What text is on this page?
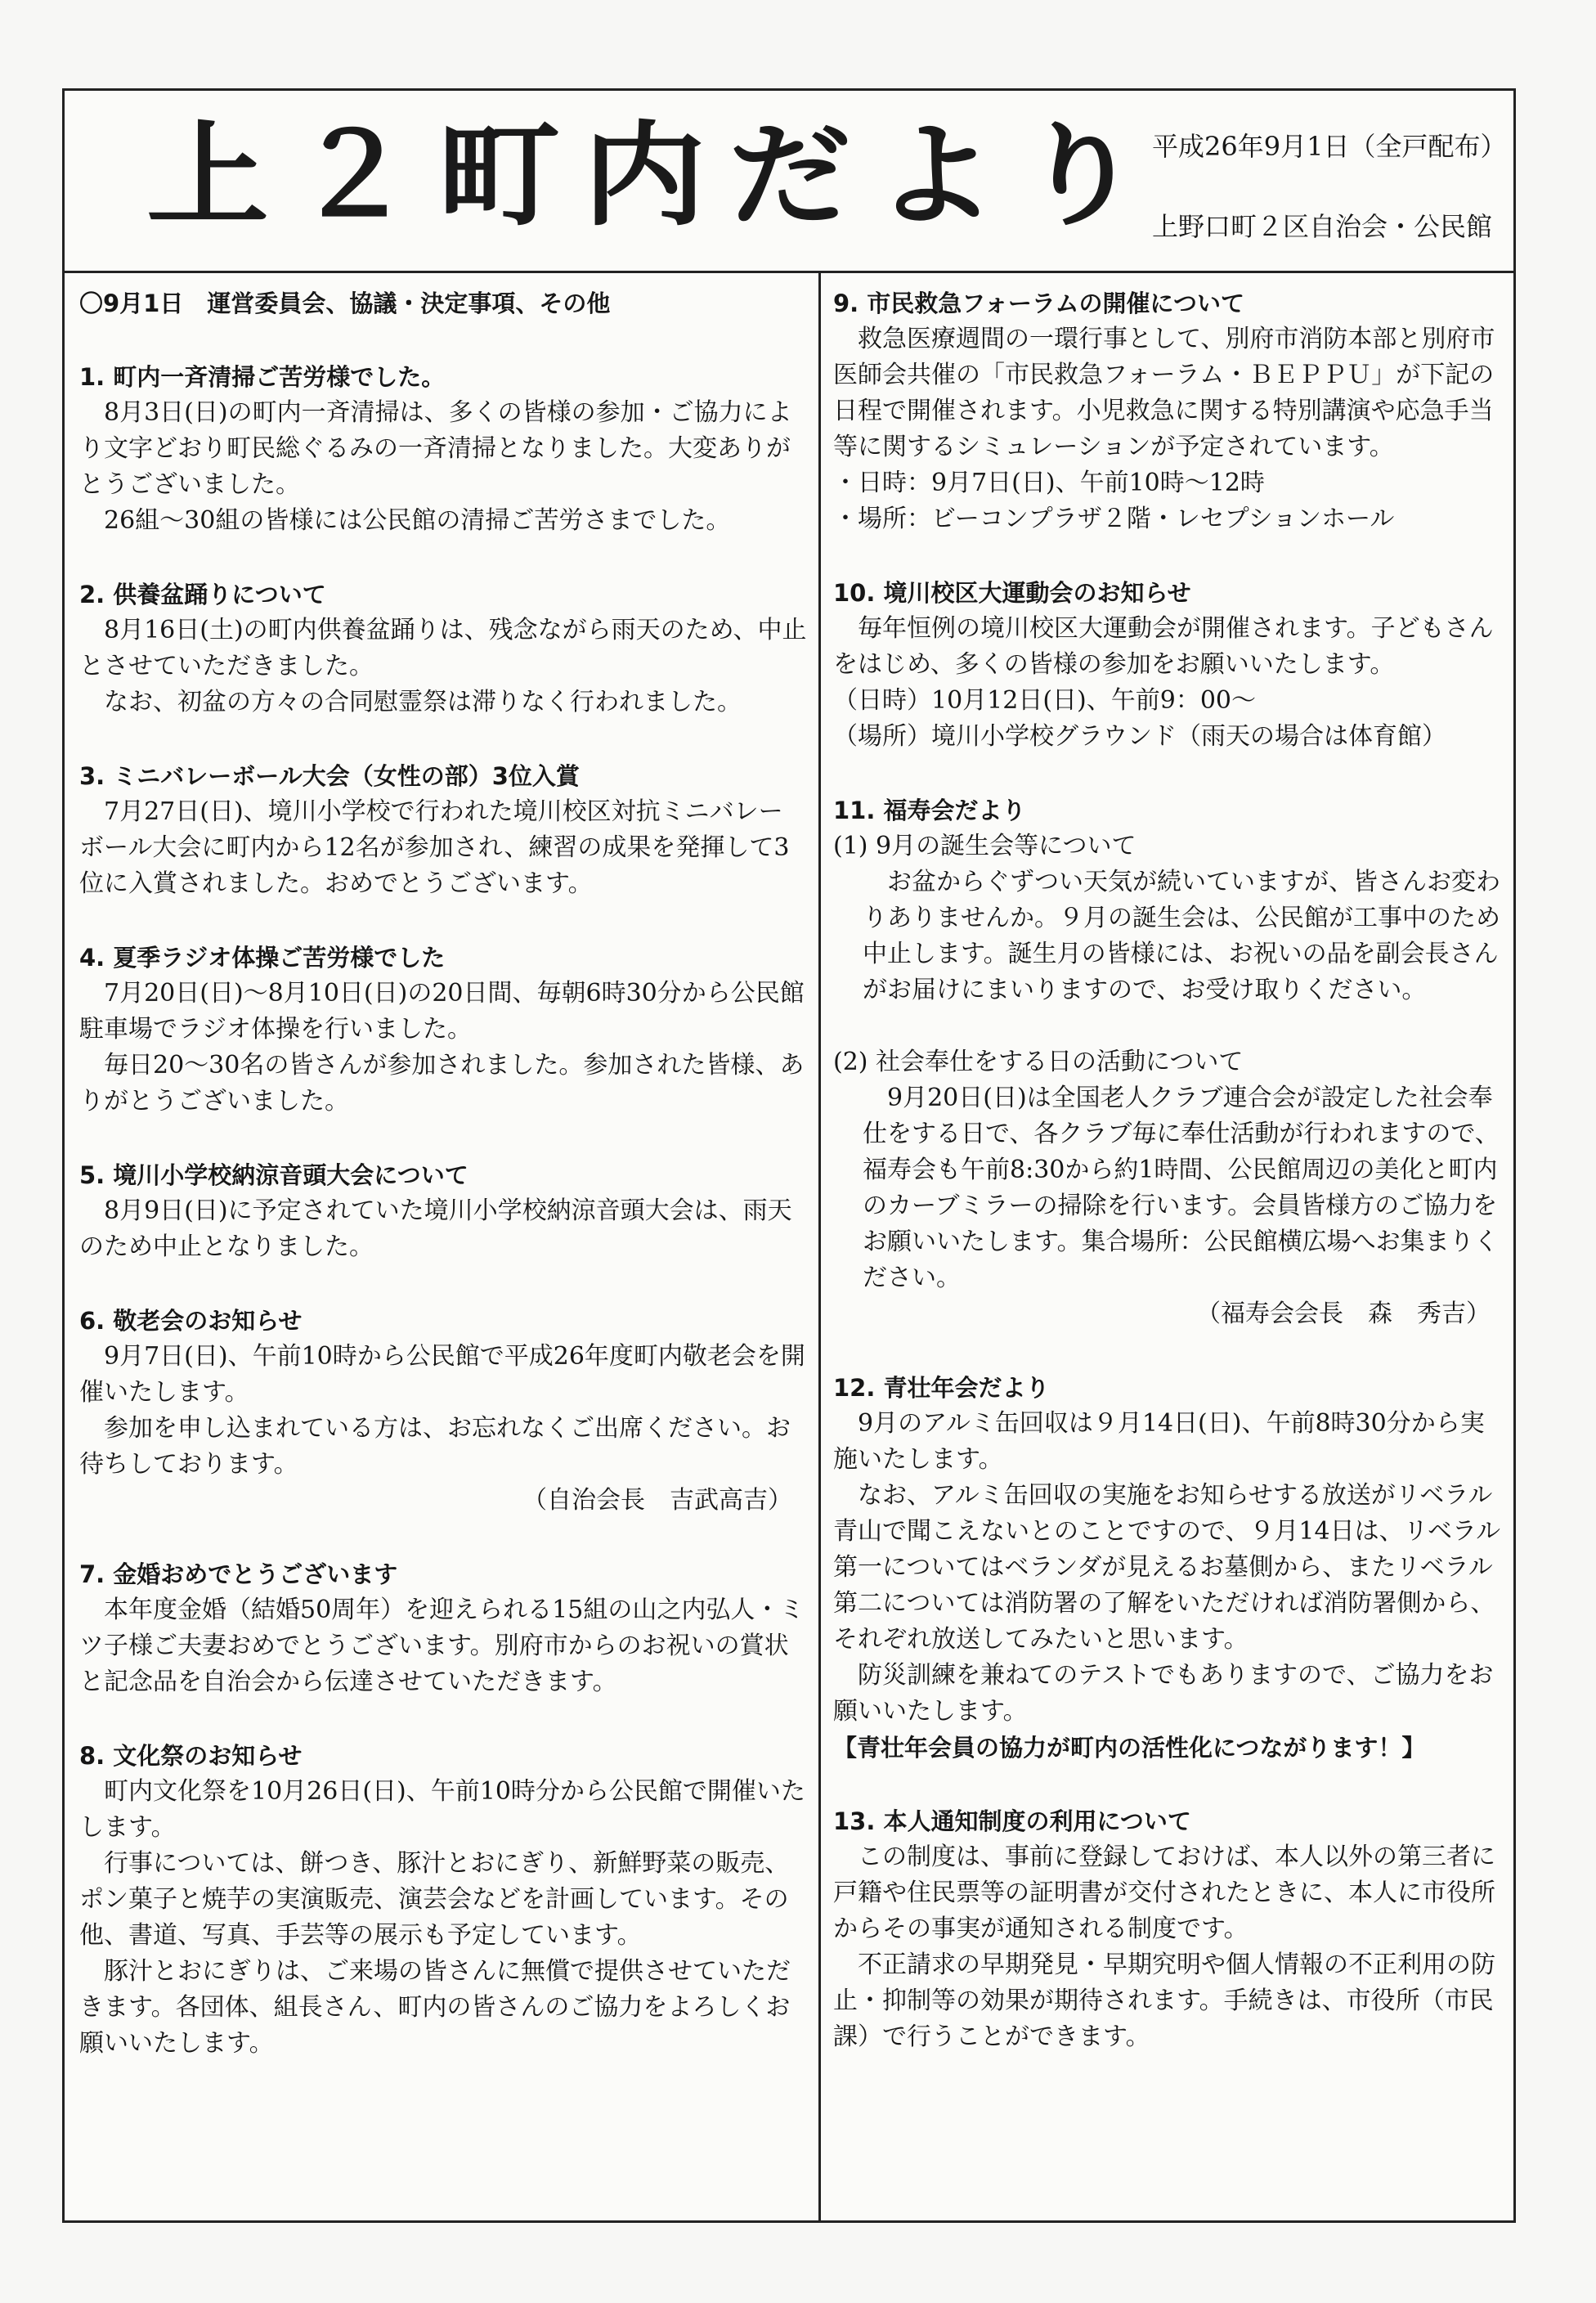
上２町内だより
平成26年9月1日（全戸配布）
上野口町２区自治会・公民館

〇9月1日　運営委員会、協議・決定事項、その他

1. 町内一斉清掃ご苦労様でした。

8月3日(日)の町内一斉清掃は、多くの皆様の参加・ご協力により文字どおり町民総ぐるみの一斉清掃となりました。大変ありがとうございました。

26組～30組の皆様には公民館の清掃ご苦労さまでした。

2. 供養盆踊りについて

8月16日(土)の町内供養盆踊りは、残念ながら雨天のため、中止とさせていただきました。

なお、初盆の方々の合同慰霊祭は滞りなく行われました。

3. ミニバレーボール大会（女性の部）3位入賞

7月27日(日)、境川小学校で行われた境川校区対抗ミニバレーボール大会に町内から12名が参加され、練習の成果を発揮して3位に入賞されました。おめでとうございます。

4. 夏季ラジオ体操ご苦労様でした

7月20日(日)～8月10日(日)の20日間、毎朝6時30分から公民館駐車場でラジオ体操を行いました。

毎日20～30名の皆さんが参加されました。参加された皆様、ありがとうございました。

5. 境川小学校納涼音頭大会について

8月9日(日)に予定されていた境川小学校納涼音頭大会は、雨天のため中止となりました。

6. 敬老会のお知らせ

9月7日(日)、午前10時から公民館で平成26年度町内敬老会を開催いたします。

参加を申し込まれている方は、お忘れなくご出席ください。お待ちしております。

（自治会長　吉武高吉）

7. 金婚おめでとうございます

本年度金婚（結婚50周年）を迎えられる15組の山之内弘人・ミツ子様ご夫妻おめでとうございます。別府市からのお祝いの賞状と記念品を自治会から伝達させていただきます。

8. 文化祭のお知らせ

町内文化祭を10月26日(日)、午前10時分から公民館で開催いたします。

行事については、餅つき、豚汁とおにぎり、新鮮野菜の販売、ポン菓子と焼芋の実演販売、演芸会などを計画しています。その他、書道、写真、手芸等の展示も予定しています。

豚汁とおにぎりは、ご来場の皆さんに無償で提供させていただきます。各団体、組長さん、町内の皆さんのご協力をよろしくお願いいたします。

9. 市民救急フォーラムの開催について

救急医療週間の一環行事として、別府市消防本部と別府市医師会共催の「市民救急フォーラム・ＢＥＰＰＵ」が下記の日程で開催されます。小児救急に関する特別講演や応急手当等に関するシミュレーションが予定されています。

・日時：9月7日(日)、午前10時～12時

・場所：ビーコンプラザ２階・レセプションホール

10. 境川校区大運動会のお知らせ

毎年恒例の境川校区大運動会が開催されます。子どもさんをはじめ、多くの皆様の参加をお願いいたします。

（日時）10月12日(日)、午前9：00～

（場所）境川小学校グラウンド（雨天の場合は体育館）

11. 福寿会だより

(1) 9月の誕生会等について

お盆からぐずつい天気が続いていますが、皆さんお変わりありませんか。９月の誕生会は、公民館が工事中のため中止します。誕生月の皆様には、お祝いの品を副会長さんがお届けにまいりますので、お受け取りください。

(2) 社会奉仕をする日の活動について

9月20日(日)は全国老人クラブ連合会が設定した社会奉仕をする日で、各クラブ毎に奉仕活動が行われますので、福寿会も午前8:30から約1時間、公民館周辺の美化と町内のカーブミラーの掃除を行います。会員皆様方のご協力をお願いいたします。集合場所：公民館横広場へお集まりください。

（福寿会会長　森　秀吉）

12. 青壮年会だより

9月のアルミ缶回収は９月14日(日)、午前8時30分から実施いたします。

なお、アルミ缶回収の実施をお知らせする放送がリベラル青山で聞こえないとのことですので、９月14日は、リベラル第一についてはベランダが見えるお墓側から、またリベラル第二については消防署の了解をいただければ消防署側から、それぞれ放送してみたいと思います。

防災訓練を兼ねてのテストでもありますので、ご協力をお願いいたします。

【青壮年会員の協力が町内の活性化につながります！】

13. 本人通知制度の利用について

この制度は、事前に登録しておけば、本人以外の第三者に戸籍や住民票等の証明書が交付されたときに、本人に市役所からその事実が通知される制度です。

不正請求の早期発見・早期究明や個人情報の不正利用の防止・抑制等の効果が期待されます。手続きは、市役所（市民課）で行うことができます。
